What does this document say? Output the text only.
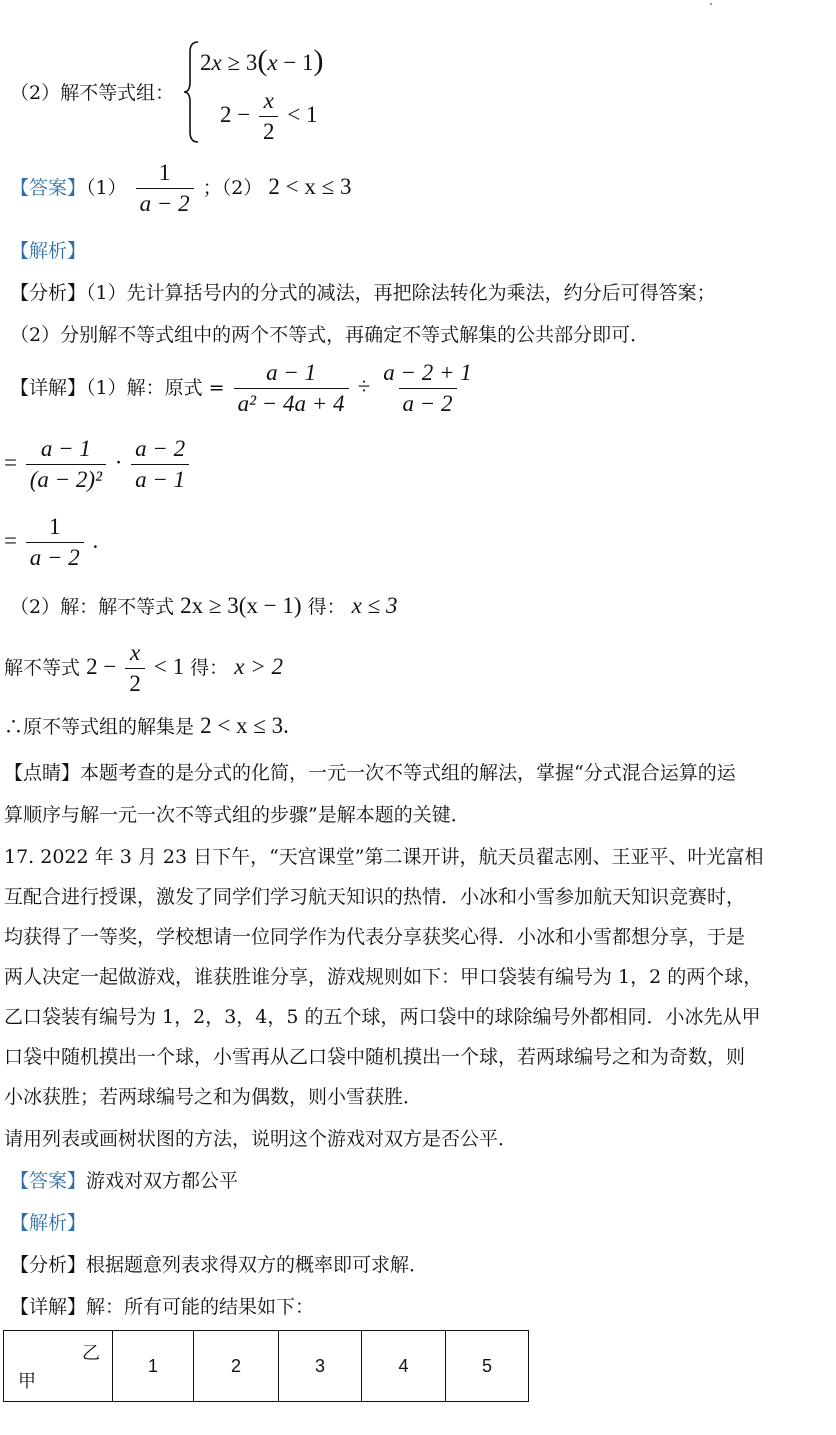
（2）解不等式组：
2x ≥ 3(x − 1)
$2 - \frac{x}{2} < 1$
【答案】$(1) \frac{1}{a - 2}$ ；（2） 2 < x ≤ 3
【解析】
【分析】（1）先计算括号内的分式的减法，再把除法转化为乘法，约分后可得答案；
（2）分别解不等式组中的两个不等式，再确定不等式解集的公共部分即可．
【详解】（1）解：原式 = $\frac{a - 1}{\text{a² − 4a + 4}} \div \frac{a - 2 + 1}{a - 2}$
= $\frac{a - 1}{\text{(a − 2)²}} \cdot \frac{a - 2}{a - 1}$
= $\frac{1}{a - 2}$ .
（2）解：解不等式 2x ≥ 3(x − 1) 得： x ≤ 3
解不等式 $2 - \frac{x}{2} < 1$ 得： x > 2
∴原不等式组的解集是 2 < x ≤ 3.
【点睛】本题考查的是分式的化简，一元一次不等式组的解法，掌握“分式混合运算的运
算顺序与解一元一次不等式组的步骤”是解本题的关键．
17. 2022 年 3 月 23 日下午，“天宫课堂”第二课开讲，航天员翟志刚、王亚平、叶光富相
互配合进行授课，激发了同学们学习航天知识的热情．小冰和小雪参加航天知识竞赛时，
均获得了一等奖，学校想请一位同学作为代表分享获奖心得．小冰和小雪都想分享，于是
两人决定一起做游戏，谁获胜谁分享，游戏规则如下：甲口袋装有编号为 1，2 的两个球，
乙口袋装有编号为 1，2，3，4，5 的五个球，两口袋中的球除编号外都相同．小冰先从甲
口袋中随机摸出一个球，小雪再从乙口袋中随机摸出一个球，若两球编号之和为奇数，则
小冰获胜；若两球编号之和为偶数，则小雪获胜．
请用列表或画树状图的方法，说明这个游戏对双方是否公平．
【答案】游戏对双方都公平
【解析】
【分析】根据题意列表求得双方的概率即可求解．
【详解】解：所有可能的结果如下：
乙
甲
	1	2	3	4	5
